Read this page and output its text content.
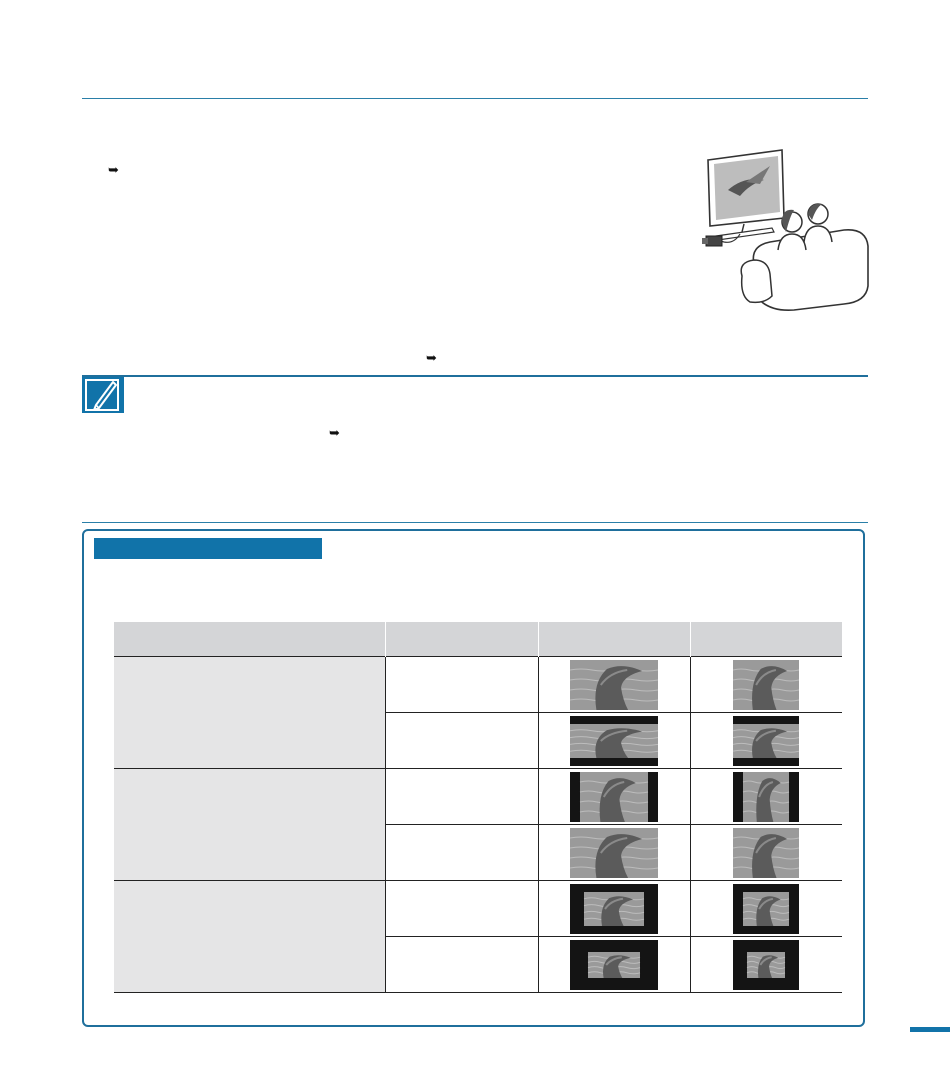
➥
➥
➥
